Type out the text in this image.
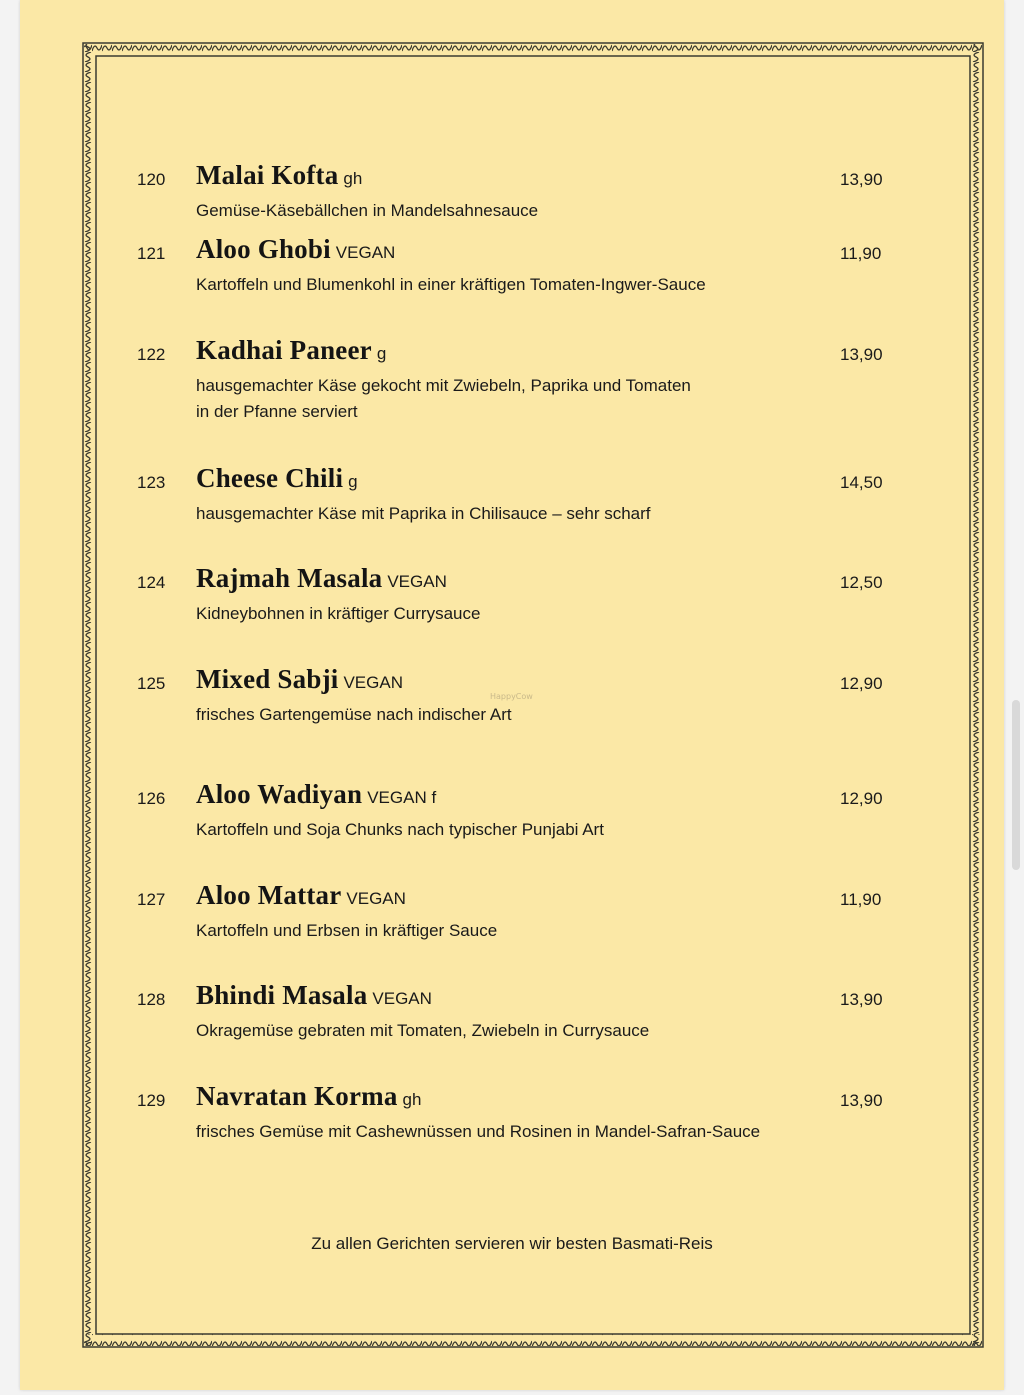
120 Malai Kofta gh	13,90
Gemüse-Käsebällchen in Mandelsahnesauce
121 Aloo Ghobi VEGAN	11,90
Kartoffeln und Blumenkohl in einer kräftigen Tomaten-Ingwer-Sauce
122 Kadhai Paneer g	13,90
hausgemachter Käse gekocht mit Zwiebeln, Paprika und Tomaten
in der Pfanne serviert
123 Cheese Chili g	14,50
hausgemachter Käse mit Paprika in Chilisauce – sehr scharf
124 Rajmah Masala VEGAN	12,50
Kidneybohnen in kräftiger Currysauce
125 Mixed Sabji VEGAN	12,90
frisches Gartengemüse nach indischer Art
126 Aloo Wadiyan VEGAN f	12,90
Kartoffeln und Soja Chunks nach typischer Punjabi Art
127 Aloo Mattar VEGAN	11,90
Kartoffeln und Erbsen in kräftiger Sauce
128 Bhindi Masala VEGAN	13,90
Okragemüse gebraten mit Tomaten, Zwiebeln in Currysauce
129 Navratan Korma gh	13,90
frisches Gemüse mit Cashewnüssen und Rosinen in Mandel-Safran-Sauce
HappyCow
Zu allen Gerichten servieren wir besten Basmati-Reis
